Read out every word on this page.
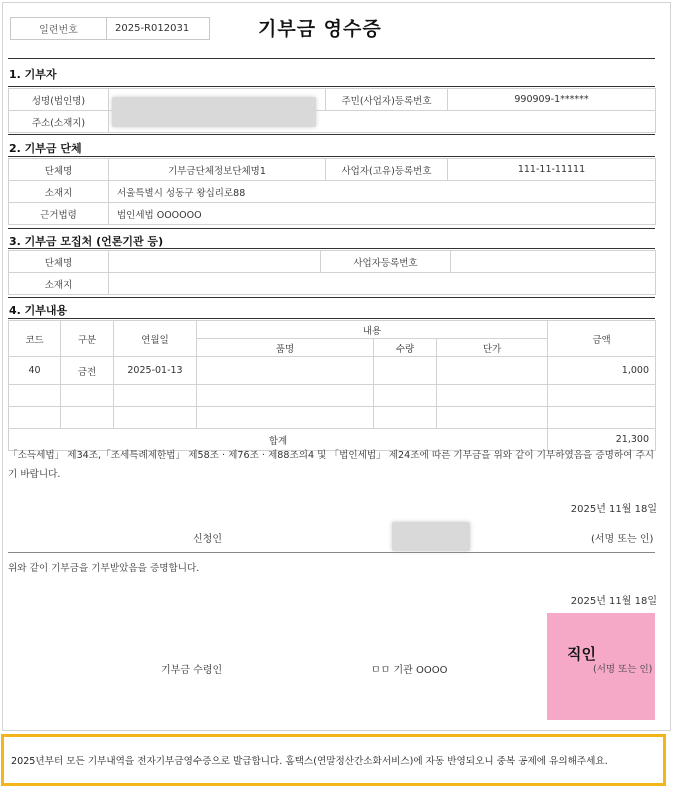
일련번호	2025-R012031	기부금 영수증
1. 기부자
성명(법인명)		주민(사업자)등록번호	990909-1******
주소(소재지)			
2. 기부금 단체
단체명	기부금단체정보단체명1	사업자(고유)등록번호	111-11-11111
소재지	서울특별시 성동구 왕십리로88		
근거법령	법인세법 OOOOOO		
3. 기부금 모집처 (언론기관 등)
단체명		사업자등록번호	
소재지			
4. 기부내용
코드	구분	연월일	내용			금액
			품명	수량	단가	
40	금전	2025-01-13				1,000

합계						21,300
「소득세법」 제34조,「조세특례제한법」 제58조 · 제76조 · 제88조의4 및 「법인세법」 제24조에 따른 기부금을 위와 같이 기부하였음을 증명하여 주시기 바랍니다.
2025년 11월 18일
신청인	(서명 또는 인)
위와 같이 기부금을 기부받았음을 증명합니다.
2025년 11월 18일
기부금 수령인	ㅁㅁ 기관 OOOO
직인
(서명 또는 인)
2025년부터 모든 기부내역을 전자기부금영수증으로 발급합니다. 홈택스(연말정산간소화서비스)에 자동 반영되오니 중복 공제에 유의해주세요.
